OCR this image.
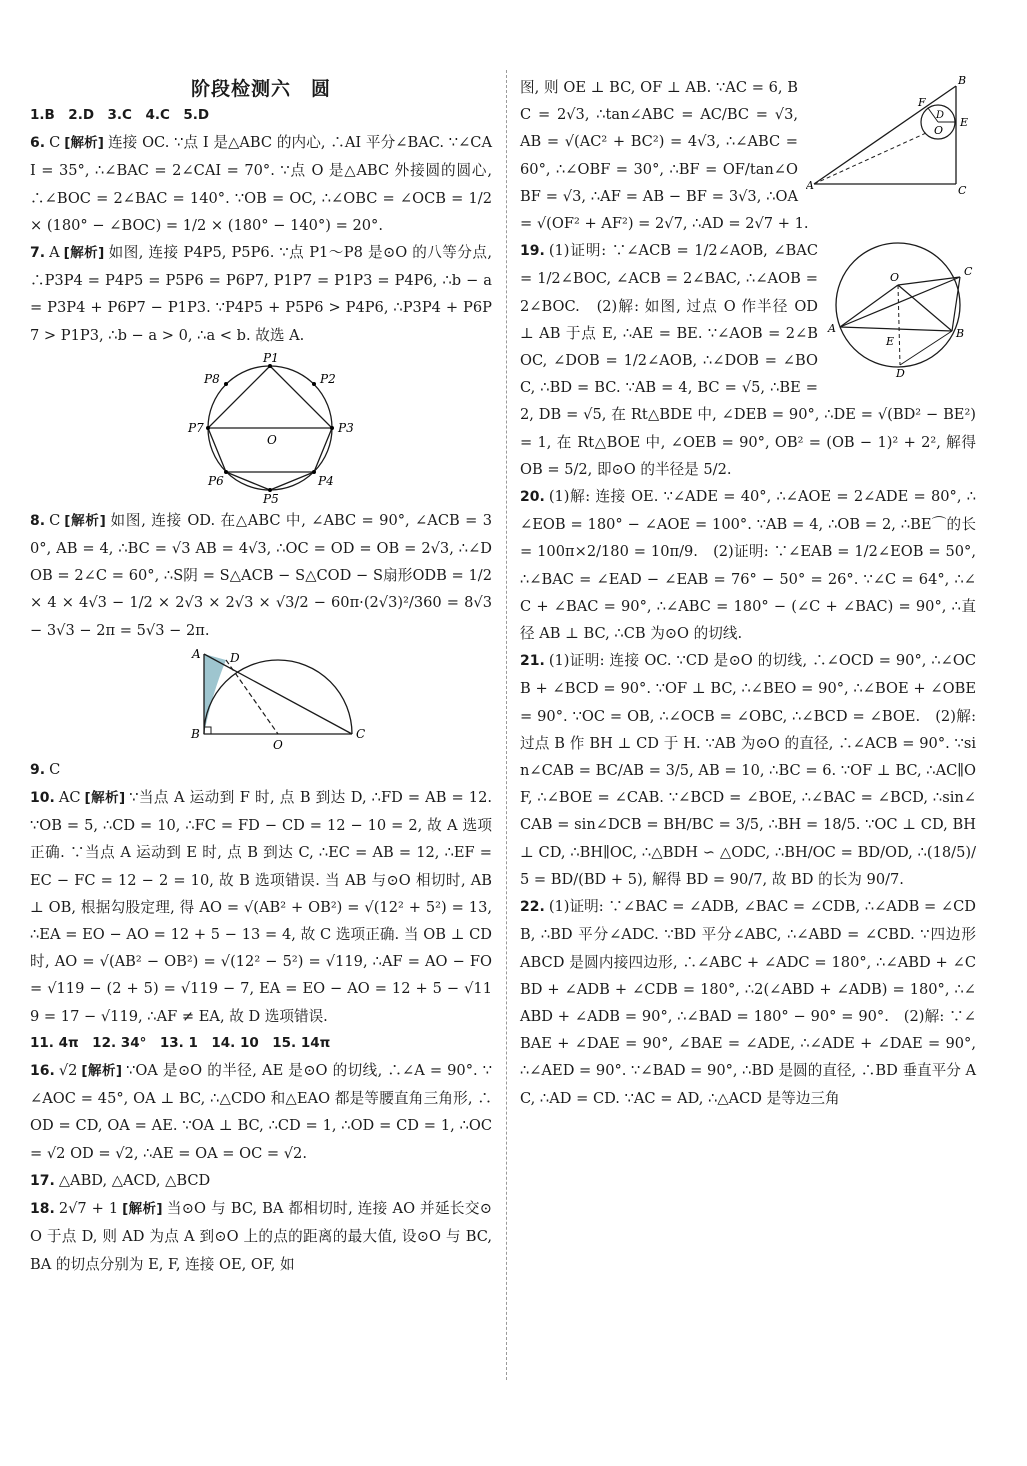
阶段检测六　圆

1.B　2.D　3.C　4.C　5.D

6. C [解析] 连接 OC. ∵点 I 是△ABC 的内心, ∴AI 平分∠BAC. ∵∠CAI = 35°, ∴∠BAC = 2∠CAI = 70°. ∵点 O 是△ABC 外接圆的圆心, ∴∠BOC = 2∠BAC = 140°. ∵OB = OC, ∴∠OBC = ∠OCB = 1/2 × (180° − ∠BOC) = 1/2 × (180° − 140°) = 20°.

7. A [解析] 如图, 连接 P4P5, P5P6. ∵点 P1～P8 是⊙O 的八等分点, ∴P3P4 = P4P5 = P5P6 = P6P7, P1P7 = P1P3 = P4P6, ∴b − a = P3P4 + P6P7 − P1P3. ∵P4P5 + P5P6 > P4P6, ∴P3P4 + P6P7 > P1P3, ∴b − a > 0, ∴a < b. 故选 A.

P1
P2
P3
P4
P5
P6
P7
P8
O

8. C [解析] 如图, 连接 OD. 在△ABC 中, ∠ABC = 90°, ∠ACB = 30°, AB = 4, ∴BC = √3 AB = 4√3, ∴OC = OD = OB = 2√3, ∴∠DOB = 2∠C = 60°, ∴S阴 = S△ACB − S△COD − S扇形ODB = 1/2 × 4 × 4√3 − 1/2 × 2√3 × 2√3 × √3/2 − 60π·(2√3)²/360 = 8√3 − 3√3 − 2π = 5√3 − 2π.

A D
B
O
C

9. C

10. AC [解析] ∵当点 A 运动到 F 时, 点 B 到达 D, ∴FD = AB = 12. ∵OB = 5, ∴CD = 10, ∴FC = FD − CD = 12 − 10 = 2, 故 A 选项正确. ∵当点 A 运动到 E 时, 点 B 到达 C, ∴EC = AB = 12, ∴EF = EC − FC = 12 − 2 = 10, 故 B 选项错误. 当 AB 与⊙O 相切时, AB ⊥ OB, 根据勾股定理, 得 AO = √(AB² + OB²) = √(12² + 5²) = 13, ∴EA = EO − AO = 12 + 5 − 13 = 4, 故 C 选项正确. 当 OB ⊥ CD 时, AO = √(AB² − OB²) = √(12² − 5²) = √119, ∴AF = AO − FO = √119 − (2 + 5) = √119 − 7, EA = EO − AO = 12 + 5 − √119 = 17 − √119, ∴AF ≠ EA, 故 D 选项错误.

11. 4π　12. 34°　13. 1　14. 10　15. 14π

16. √2 [解析] ∵OA 是⊙O 的半径, AE 是⊙O 的切线, ∴∠A = 90°. ∵∠AOC = 45°, OA ⊥ BC, ∴△CDO 和△EAO 都是等腰直角三角形, ∴OD = CD, OA = AE. ∵OA ⊥ BC, ∴CD = 1, ∴OD = CD = 1, ∴OC = √2 OD = √2, ∴AE = OA = OC = √2.

17. △ABD, △ACD, △BCD

18. 2√7 + 1 [解析] 当⊙O 与 BC, BA 都相切时, 连接 AO 并延长交⊙O 于点 D, 则 AD 为点 A 到⊙O 上的点的距离的最大值, 设⊙O 与 BC, BA 的切点分别为 E, F, 连接 OE, OF, 如

B
F
D
E
O
A	C

图, 则 OE ⊥ BC, OF ⊥ AB. ∵AC = 6, BC = 2√3, ∴tan∠ABC = AC/BC = √3, AB = √(AC² + BC²) = 4√3, ∴∠ABC = 60°, ∴∠OBF = 30°, ∴BF = OF/tan∠OBF = √3, ∴AF = AB − BF = 3√3, ∴OA = √(OF² + AF²) = 2√7, ∴AD = 2√7 + 1.

O	C
A
E
B
D
19. (1)证明: ∵∠ACB = 1/2∠AOB, ∠BAC = 1/2∠BOC, ∠ACB = 2∠BAC, ∴∠AOB = 2∠BOC.　(2)解: 如图, 过点 O 作半径 OD ⊥ AB 于点 E, ∴AE = BE. ∵∠AOB = 2∠BOC, ∠DOB = 1/2∠AOB, ∴∠DOB = ∠BOC, ∴BD = BC. ∵AB = 4, BC = √5, ∴BE = 2, DB = √5, 在 Rt△BDE 中, ∠DEB = 90°, ∴DE = √(BD² − BE²) = 1, 在 Rt△BOE 中, ∠OEB = 90°, OB² = (OB − 1)² + 2², 解得 OB = 5/2, 即⊙O 的半径是 5/2.

20. (1)解: 连接 OE. ∵∠ADE = 40°, ∴∠AOE = 2∠ADE = 80°, ∴∠EOB = 180° − ∠AOE = 100°. ∵AB = 4, ∴OB = 2, ∴BE⌒的长 = 100π×2/180 = 10π/9.　(2)证明: ∵∠EAB = 1/2∠EOB = 50°, ∴∠BAC = ∠EAD − ∠EAB = 76° − 50° = 26°. ∵∠C = 64°, ∴∠C + ∠BAC = 90°, ∴∠ABC = 180° − (∠C + ∠BAC) = 90°, ∴直径 AB ⊥ BC, ∴CB 为⊙O 的切线.

21. (1)证明: 连接 OC. ∵CD 是⊙O 的切线, ∴∠OCD = 90°, ∴∠OCB + ∠BCD = 90°. ∵OF ⊥ BC, ∴∠BEO = 90°, ∴∠BOE + ∠OBE = 90°. ∵OC = OB, ∴∠OCB = ∠OBC, ∴∠BCD = ∠BOE.　(2)解: 过点 B 作 BH ⊥ CD 于 H. ∵AB 为⊙O 的直径, ∴∠ACB = 90°. ∵sin∠CAB = BC/AB = 3/5, AB = 10, ∴BC = 6. ∵OF ⊥ BC, ∴AC∥OF, ∴∠BOE = ∠CAB. ∵∠BCD = ∠BOE, ∴∠BAC = ∠BCD, ∴sin∠CAB = sin∠DCB = BH/BC = 3/5, ∴BH = 18/5. ∵OC ⊥ CD, BH ⊥ CD, ∴BH∥OC, ∴△BDH ∽ △ODC, ∴BH/OC = BD/OD, ∴(18/5)/5 = BD/(BD + 5), 解得 BD = 90/7, 故 BD 的长为 90/7.

22. (1)证明: ∵∠BAC = ∠ADB, ∠BAC = ∠CDB, ∴∠ADB = ∠CDB, ∴BD 平分∠ADC. ∵BD 平分∠ABC, ∴∠ABD = ∠CBD. ∵四边形 ABCD 是圆内接四边形, ∴∠ABC + ∠ADC = 180°, ∴∠ABD + ∠CBD + ∠ADB + ∠CDB = 180°, ∴2(∠ABD + ∠ADB) = 180°, ∴∠ABD + ∠ADB = 90°, ∴∠BAD = 180° − 90° = 90°.　(2)解: ∵∠BAE + ∠DAE = 90°, ∠BAE = ∠ADE, ∴∠ADE + ∠DAE = 90°, ∴∠AED = 90°. ∵∠BAD = 90°, ∴BD 是圆的直径, ∴BD 垂直平分 AC, ∴AD = CD. ∵AC = AD, ∴△ACD 是等边三角
